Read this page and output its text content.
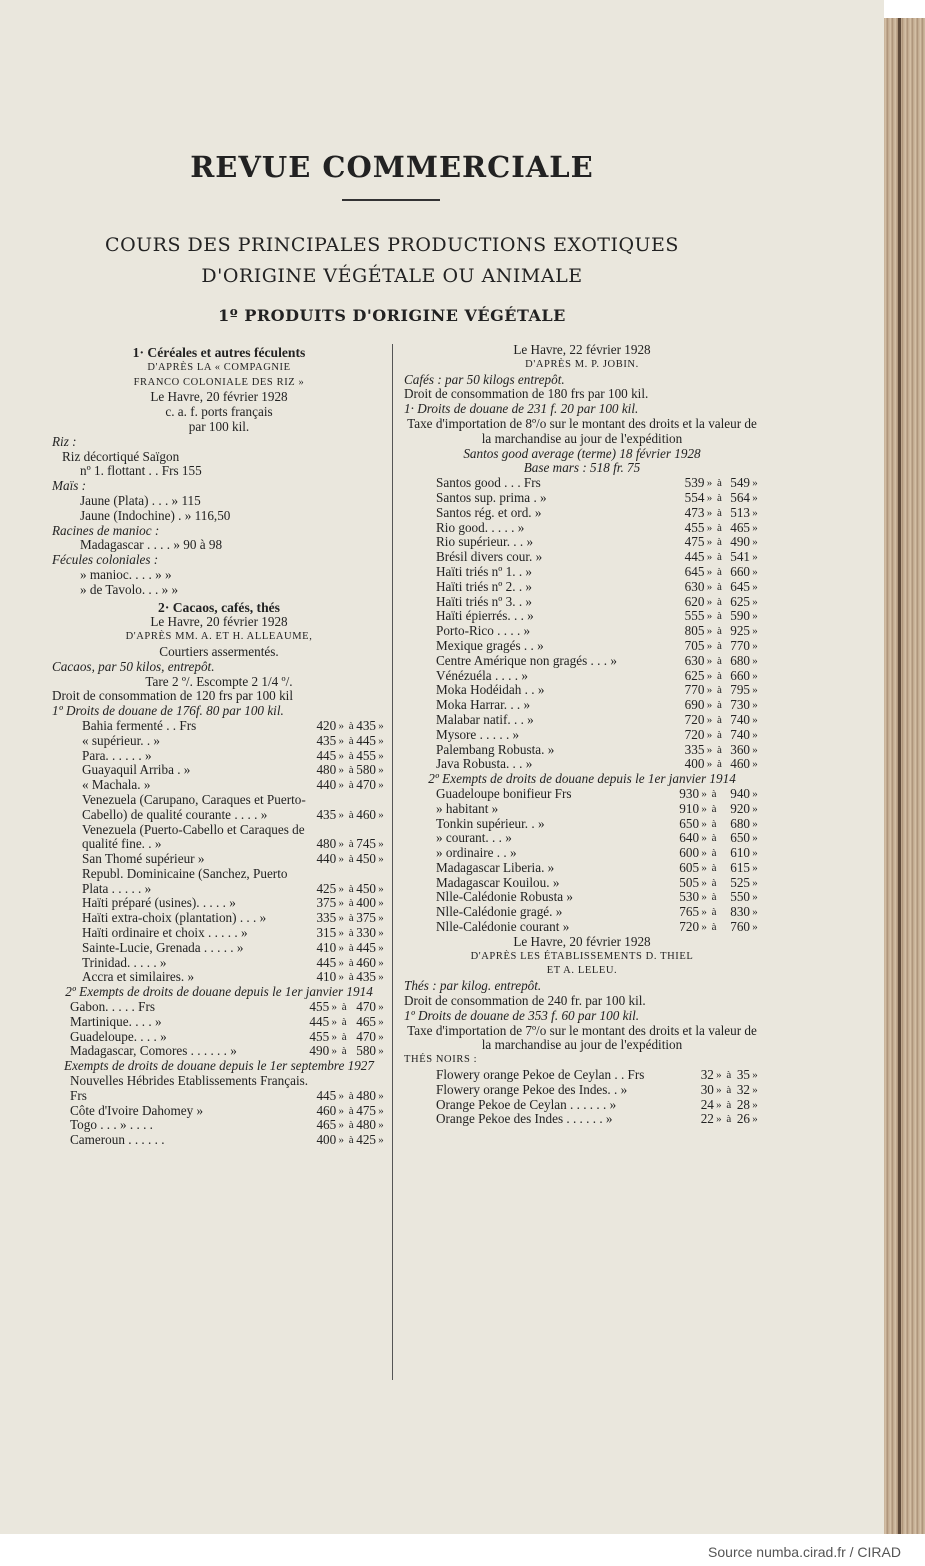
REVUE COMMERCIALE
COURS DES PRINCIPALES PRODUCTIONS EXOTIQUES
D'ORIGINE VÉGÉTALE OU ANIMALE
1º PRODUITS D'ORIGINE VÉGÉTALE
1· Céréales et autres féculents
D'APRÈS LA « COMPAGNIE
FRANCO COLONIALE DES RIZ »
Le Havre, 20 février 1928
c. a. f. ports français
par 100 kil.
Riz :
Riz décortiqué Saïgon
nº 1. flottant . . Frs 155
Maïs :
Jaune (Plata) . . . » 115
Jaune (Indochine) . » 116,50
Racines de manioc :
Madagascar . . . . » 90 à 98
Fécules coloniales :
» manioc. . . . » »
» de Tavolo. . . » »
2· Cacaos, cafés, thés
Le Havre, 20 février 1928
D'APRÈS MM. A. ET H. ALLEAUME,
Courtiers assermentés.
Cacaos, par 50 kilos, entrepôt.
Tare 2 º/. Escompte 2 1/4 º/.
Droit de consommation de 120 frs par 100 kil
1º Droits de douane de 176f. 80 par 100 kil.
Bahia fermenté . . Frs	420	»	à	435	»
« supérieur. . »	435	»	à	445	»
Para. . . . . . »	445	»	à	455	»
Guayaquil Arriba . »	480	»	à	580	»
« Machala. »	440	»	à	470	»
Venezuela (Carupano, Caraques et Puerto-Cabello) de qualité courante . . . . »	435	»	à	460	»
Venezuela (Puerto-Cabello et Caraques de qualité fine. . »	480	»	à	745	»
San Thomé supérieur »	440	»	à	450	»
Republ. Dominicaine (Sanchez, Puerto Plata . . . . . »	425	»	à	450	»
Haïti préparé (usines). . . . . »	375	»	à	400	»
Haïti extra-choix (plantation) . . . »	335	»	à	375	»
Haïti ordinaire et choix . . . . . »	315	»	à	330	»
Sainte-Lucie, Grenada . . . . . »	410	»	à	445	»
Trinidad. . . . . »	445	»	à	460	»
Accra et similaires. »	410	»	à	435	»
2º Exempts de droits de douane depuis le 1er janvier 1914
Gabon. . . . . Frs	455	»	à	470	»
Martinique. . . . »	445	»	à	465	»
Guadeloupe. . . . »	455	»	à	470	»
Madagascar, Comores . . . . . . »	490	»	à	580	»
Exempts de droits de douane depuis le 1er septembre 1927
Nouvelles Hébrides Etablissements Français. Frs	445	»	à	480	»
Côte d'Ivoire Dahomey »	460	»	à	475	»
Togo . . . » . . . .	465	»	à	480	»
Cameroun . . . . . .	400	»	à	425	»
Le Havre, 22 février 1928
D'APRÈS M. P. JOBIN.
Cafés : par 50 kilogs entrepôt.
Droit de consommation de 180 frs par 100 kil.
1· Droits de douane de 231 f. 20 par 100 kil.
Taxe d'importation de 8º/o sur le montant des droits et la valeur de la marchandise au jour de l'expédition
Santos good average (terme) 18 février 1928
Base mars : 518 fr. 75
Santos good . . . Frs	539	»	à	549	»
Santos sup. prima . »	554	»	à	564	»
Santos rég. et ord. »	473	»	à	513	»
Rio good. . . . . »	455	»	à	465	»
Rio supérieur. . . »	475	»	à	490	»
Brésil divers cour. »	445	»	à	541	»
Haïti triés nº 1. . »	645	»	à	660	»
Haïti triés nº 2. . »	630	»	à	645	»
Haïti triés nº 3. . »	620	»	à	625	»
Haïti épierrés. . . »	555	»	à	590	»
Porto-Rico . . . . »	805	»	à	925	»
Mexique gragés . . »	705	»	à	770	»
Centre Amérique non gragés . . . »	630	»	à	680	»
Vénézuéla . . . . »	625	»	à	660	»
Moka Hodéidah . . »	770	»	à	795	»
Moka Harrar. . . »	690	»	à	730	»
Malabar natif. . . »	720	»	à	740	»
Mysore . . . . . »	720	»	à	740	»
Palembang Robusta. »	335	»	à	360	»
Java Robusta. . . »	400	»	à	460	»
2º Exempts de droits de douane depuis le 1er janvier 1914
Guadeloupe bonifieur Frs	930	»	à	940	»
» habitant »	910	»	à	920	»
Tonkin supérieur. . »	650	»	à	680	»
» courant. . . »	640	»	à	650	»
» ordinaire . . »	600	»	à	610	»
Madagascar Liberia. »	605	»	à	615	»
Madagascar Kouilou. »	505	»	à	525	»
Nlle-Calédonie Robusta »	530	»	à	550	»
Nlle-Calédonie gragé. »	765	»	à	830	»
Nlle-Calédonie courant »	720	»	à	760	»
Le Havre, 20 février 1928
D'APRÈS LES ÉTABLISSEMENTS D. THIEL
ET A. LELEU.
Thés : par kilog. entrepôt.
Droit de consommation de 240 fr. par 100 kil.
1º Droits de douane de 353 f. 60 par 100 kil.
Taxe d'importation de 7º/o sur le montant des droits et la valeur de la marchandise au jour de l'expédition
THÉS NOIRS :
Flowery orange Pekoe de Ceylan . . Frs	32	»	à	35	»
Flowery orange Pekoe des Indes. . »	30	»	à	32	»
Orange Pekoe de Ceylan . . . . . . »	24	»	à	28	»
Orange Pekoe des Indes . . . . . . »	22	»	à	26	»
Source numba.cirad.fr / CIRAD
